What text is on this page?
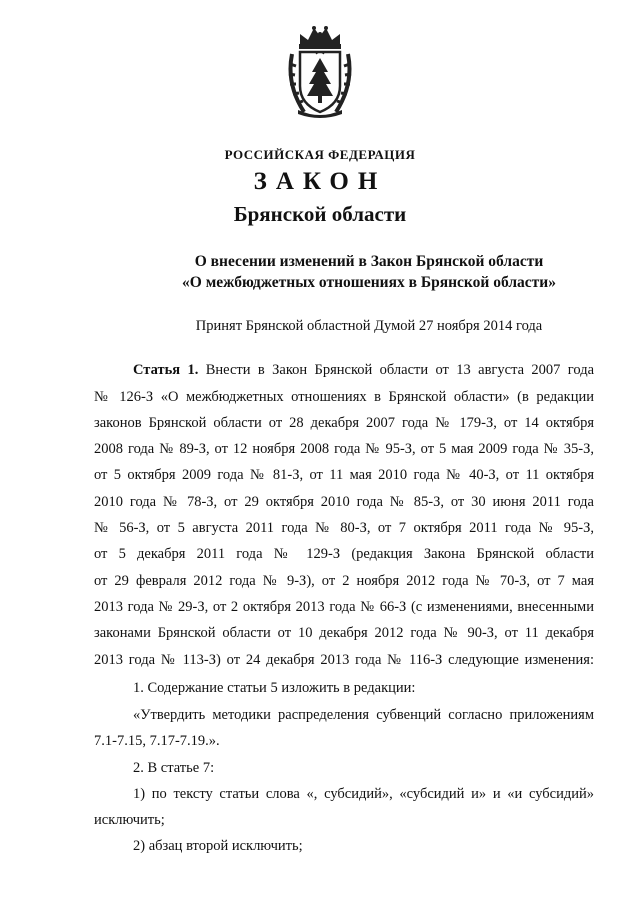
РОССИЙСКАЯ ФЕДЕРАЦИЯ
ЗАКОН
Брянской области
О внесении изменений в Закон Брянской области
«О межбюджетных отношениях в Брянской области»
Принят Брянской областной Думой 27 ноября 2014 года
Статья 1. Внести в Закон Брянской области от 13 августа 2007 года
№ 126-З «О межбюджетных отношениях в Брянской области» (в редакции
законов Брянской области от 28 декабря 2007 года № 179-З, от 14 октября
2008 года № 89-З, от 12 ноября 2008 года № 95-З, от 5 мая 2009 года № 35-З,
от 5 октября 2009 года № 81-З, от 11 мая 2010 года № 40-З, от 11 октября
2010 года № 78-З, от 29 октября 2010 года № 85-З, от 30 июня 2011 года
№ 56-З, от 5 августа 2011 года № 80-З, от 7 октября 2011 года № 95-З,
от 5 декабря 2011 года № 129-З (редакция Закона Брянской области
от 29 февраля 2012 года № 9-З), от 2 ноября 2012 года № 70-З, от 7 мая
2013 года № 29-З, от 2 октября 2013 года № 66-З (с изменениями, внесенными
законами Брянской области от 10 декабря 2012 года № 90-З, от 11 декабря
2013 года № 113-З) от 24 декабря 2013 года № 116-З следующие изменения:
1. Содержание статьи 5 изложить в редакции:
«Утвердить методики распределения субвенций согласно приложениям
7.1-7.15, 7.17-7.19.».
2. В статье 7:
1) по тексту статьи слова «, субсидий», «субсидий и» и «и субсидий»
исключить;
2) абзац второй исключить;
